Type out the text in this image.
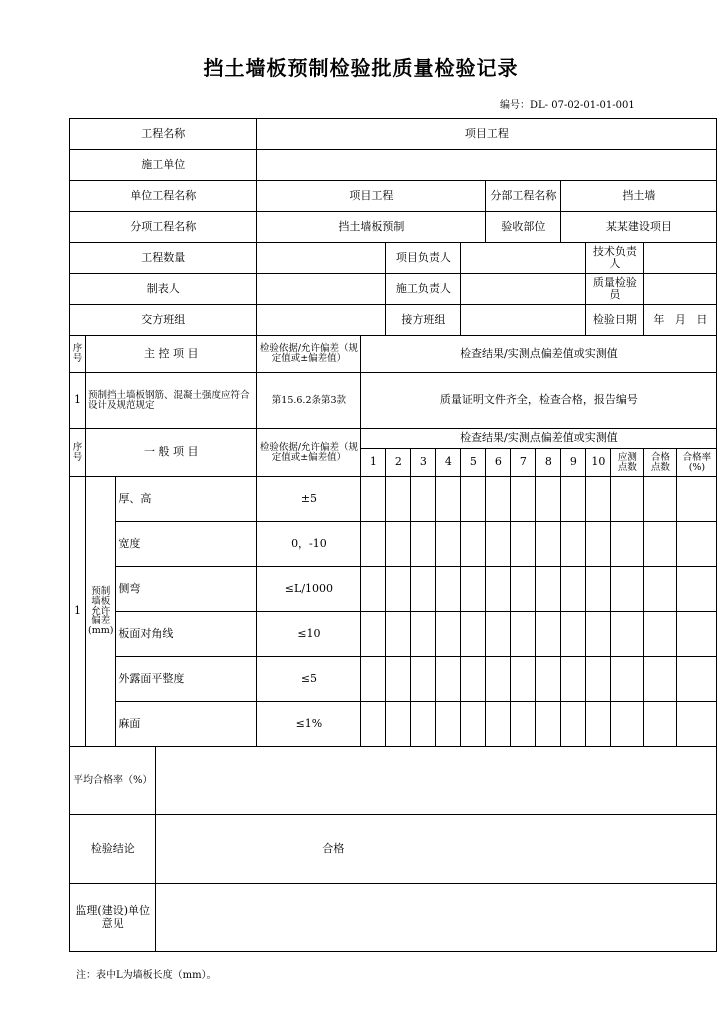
挡土墙板预制检验批质量检验记录
编号：DL- 07-02-01-01-001
工程名称				项目工程													
施工单位																	
单位工程名称				项目工程						分部工程名称			挡土墙				
分项工程名称				挡土墙板预制						验收部位			某某建设项目				
工程数量						项目负责人								技术负责人			
制表人						施工负责人								质量检验员			
交方班组						接方班组								检验日期		年   月   日	
序号	主 控 项 目			检验依据/允许偏差（规定值或±偏差值）	检查结果/实测点偏差值或实测值												
1	预制挡土墙板钢筋、混凝土强度应符合设计及规范规定			第15.6.2条第3款	质量证明文件齐全，检查合格，报告编号												
序号	一 般 项 目			检验依据/允许偏差（规定值或±偏差值）	检查结果/实测点偏差值或实测值												
					1	2	3	4	5	6	7	8	9	10	应测点数	合格点数	合格率(%)
1	预制墙板允许偏差(mm)	厚、高		±5													
		宽度		0，-10													
		侧弯		≤L/1000													
		板面对角线		≤10													
		外露面平整度		≤5													
		麻面		≤1%													
平均合格率（%）																	
检验结论			合格														
监理(建设)单位意见																	
注：表中L为墙板长度（mm）。
